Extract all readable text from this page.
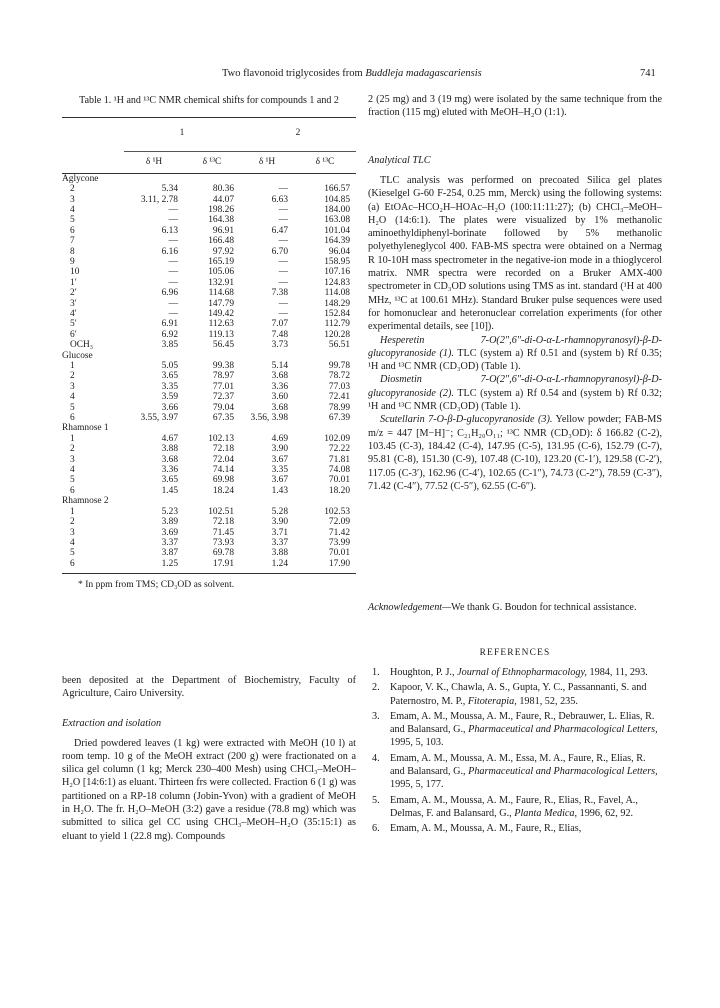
Two flavonoid triglycosides from Buddleja madagascariensis	741
Table 1. ¹H and ¹³C NMR chemical shifts for compounds 1 and 2

	1		2	

	δ ¹H	δ ¹³C	δ ¹H	δ ¹³C
Aglycone				
2	5.34	80.36	—	166.57
3	3.11, 2.78	44.07	6.63	104.85
4	—	198.26	—	184.00
5	—	164.38	—	163.08
6	6.13	96.91	6.47	101.04
7	—	166.48	—	164.39
8	6.16	97.92	6.70	96.04
9	—	165.19	—	158.95
10	—	105.06	—	107.16
1′	—	132.91	—	124.83
2′	6.96	114.68	7.38	114.08
3′	—	147.79	—	148.29
4′	—	149.42	—	152.84
5′	6.91	112.63	7.07	112.79
6′	6.92	119.13	7.48	120.28
OCH₃	3.85	56.45	3.73	56.51
Glucose				
1	5.05	99.38	5.14	99.78
2	3.65	78.97	3.68	78.72
3	3.35	77.01	3.36	77.03
4	3.59	72.37	3.60	72.41
5	3.66	79.04	3.68	78.99
6	3.55, 3.97	67.35	3.56, 3.98	67.39
Rhamnose 1				
1	4.67	102.13	4.69	102.09
2	3.88	72.18	3.90	72.22
3	3.68	72.04	3.67	71.81
4	3.36	74.14	3.35	74.08
5	3.65	69.98	3.67	70.01
6	1.45	18.24	1.43	18.20
Rhamnose 2				
1	5.23	102.51	5.28	102.53
2	3.89	72.18	3.90	72.09
3	3.69	71.45	3.71	71.42
4	3.37	73.93	3.37	73.99
5	3.87	69.78	3.88	70.01
6	1.25	17.91	1.24	17.90

* In ppm from TMS; CD₃OD as solvent.

been deposited at the Department of Biochemistry, Faculty of Agriculture, Cairo University.

Extraction and isolation

Dried powdered leaves (1 kg) were extracted with MeOH (10 l) at room temp. 10 g of the MeOH extract (200 g) were fractionated on a silica gel column (1 kg; Merck 230–400 Mesh) using CHCl₃–MeOH–H₂O [14:6:1) as eluant. Thirteen frs were collected. Fraction 6 (1 g) was partitioned on a RP-18 column (Jobin-Yvon) with a gradient of MeOH in H₂O. The fr. H₂O–MeOH (3:2) gave a residue (78.8 mg) which was submitted to silica gel CC using CHCl₃–MeOH–H₂O (35:15:1) as eluant to yield 1 (22.8 mg). Compounds

2 (25 mg) and 3 (19 mg) were isolated by the same technique from the fraction (115 mg) eluted with MeOH–H₂O (1:1).

Analytical TLC

TLC analysis was performed on precoated Silica gel plates (Kieselgel G-60 F-254, 0.25 mm, Merck) using the following systems: (a) EtOAc–HCO₂H–HOAc–H₂O (100:11:11:27); (b) CHCl₃–MeOH–H₂O (14:6:1). The plates were visualized by 1% methanolic aminoethyldiphenyl-borinate followed by 5% methanolic polyethyleneglycol 400. FAB-MS spectra were obtained on a Nermag R 10-10H mass spectrometer in the negative-ion mode in a thioglycerol matrix. NMR spectra were recorded on a Bruker AMX-400 spectrometer in CD₃OD solutions using TMS as int. standard (¹H at 400 MHz, ¹³C at 100.61 MHz). Standard Bruker pulse sequences were used for homonuclear and heteronuclear correlation experiments (for other experimental details, see [10]).

Hesperetin 7-O(2″,6″-di-O-α-L-rhamnopyranosyl)-β-D-glucopyranoside (1). TLC (system a) Rf 0.51 and (system b) Rf 0.35; ¹H and ¹³C NMR (CD₃OD) (Table 1).

Diosmetin 7-O(2″,6″-di-O-α-L-rhamnopyranosyl)-β-D-glucopyranoside (2). TLC (system a) Rf 0.54 and (system b) Rf 0.32; ¹H and ¹³C NMR (CD₃OD) (Table 1).

Scutellarin 7-O-β-D-glucopyranoside (3). Yellow powder; FAB-MS m/z = 447 [M−H]⁻; C₂₁H₂₀O₁₁; ¹³C NMR (CD₃OD): δ 166.82 (C-2), 103.45 (C-3), 184.42 (C-4), 147.95 (C-5), 131.95 (C-6), 152.79 (C-7), 95.81 (C-8), 151.30 (C-9), 107.48 (C-10), 123.20 (C-1′), 129.58 (C-2′), 117.05 (C-3′), 162.96 (C-4′), 102.65 (C-1″), 74.73 (C-2″), 78.59 (C-3″), 71.42 (C-4″), 77.52 (C-5″), 62.55 (C-6″).

Acknowledgement—We thank G. Boudon for technical assistance.

REFERENCES
1. Houghton, P. J., Journal of Ethnopharmacology, 1984, 11, 293.
2. Kapoor, V. K., Chawla, A. S., Gupta, Y. C., Passannanti, S. and Paternostro, M. P., Fitoterapia, 1981, 52, 235.
3. Emam, A. M., Moussa, A. M., Faure, R., Debrauwer, L. Elias, R. and Balansard, G., Pharmaceutical and Pharmacological Letters, 1995, 5, 103.
4. Emam, A. M., Moussa, A. M., Essa, M. A., Faure, R., Elias, R. and Balansard, G., Pharmaceutical and Pharmacological Letters, 1995, 5, 177.
5. Emam, A. M., Moussa, A. M., Faure, R., Elias, R., Favel, A., Delmas, F. and Balansard, G., Planta Medica, 1996, 62, 92.
6. Emam, A. M., Moussa, A. M., Faure, R., Elias,
